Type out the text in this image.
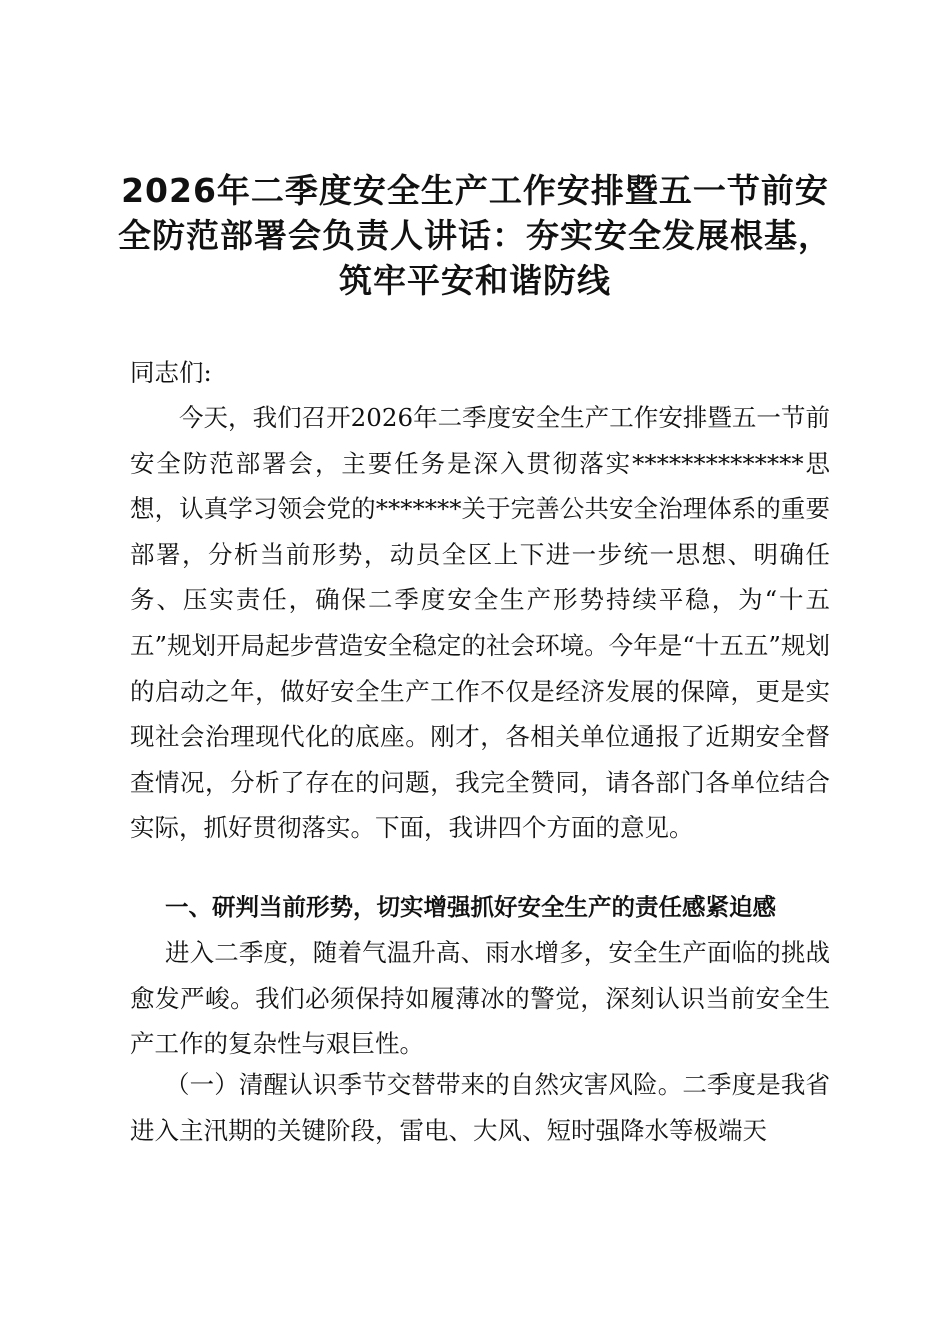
2026年二季度安全生产工作安排暨五一节前安全防范部署会负责人讲话：夯实安全发展根基，筑牢平安和谐防线

同志们:

今天，我们召开2026年二季度安全生产工作安排暨五一节前安全防范部署会，主要任务是深入贯彻落实**************思想，认真学习领会党的*******关于完善公共安全治理体系的重要部署，分析当前形势，动员全区上下进一步统一思想、明确任务、压实责任，确保二季度安全生产形势持续平稳，为“十五五”规划开局起步营造安全稳定的社会环境。今年是“十五五”规划的启动之年，做好安全生产工作不仅是经济发展的保障，更是实现社会治理现代化的底座。刚才，各相关单位通报了近期安全督查情况，分析了存在的问题，我完全赞同，请各部门各单位结合实际，抓好贯彻落实。下面，我讲四个方面的意见。

一、研判当前形势，切实增强抓好安全生产的责任感紧迫感

进入二季度，随着气温升高、雨水增多，安全生产面临的挑战愈发严峻。我们必须保持如履薄冰的警觉，深刻认识当前安全生产工作的复杂性与艰巨性。

（一）清醒认识季节交替带来的自然灾害风险。二季度是我省进入主汛期的关键阶段，雷电、大风、短时强降水等极端天
